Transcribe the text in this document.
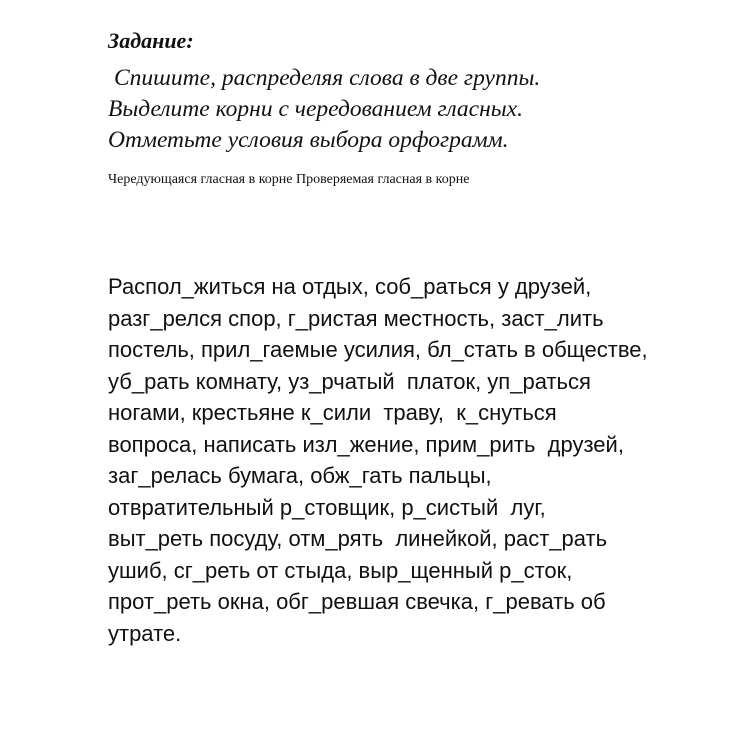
Задание:
Спишите, распределяя слова в две группы.
Выделите корни с чередованием гласных.
Отметьте условия выбора орфограмм.
Чередующаяся гласная в корне Проверяемая гласная в корне
Распол_житься на отдых, соб_раться у друзей,
разг_релся спор, г_ристая местность, заст_лить
постель, прил_гаемые усилия, бл_стать в обществе,
уб_рать комнату, уз_рчатый  платок, уп_раться
ногами, крестьяне к_сили  траву,  к_снуться
вопроса, написать изл_жение, прим_рить  друзей,
заг_релась бумага, обж_гать пальцы,
отвратительный р_стовщик, р_систый  луг,
выт_реть посуду, отм_рять  линейкой, раст_рать
ушиб, сг_реть от стыда, выр_щенный р_сток,
прот_реть окна, обг_ревшая свечка, г_ревать об
утрате.
